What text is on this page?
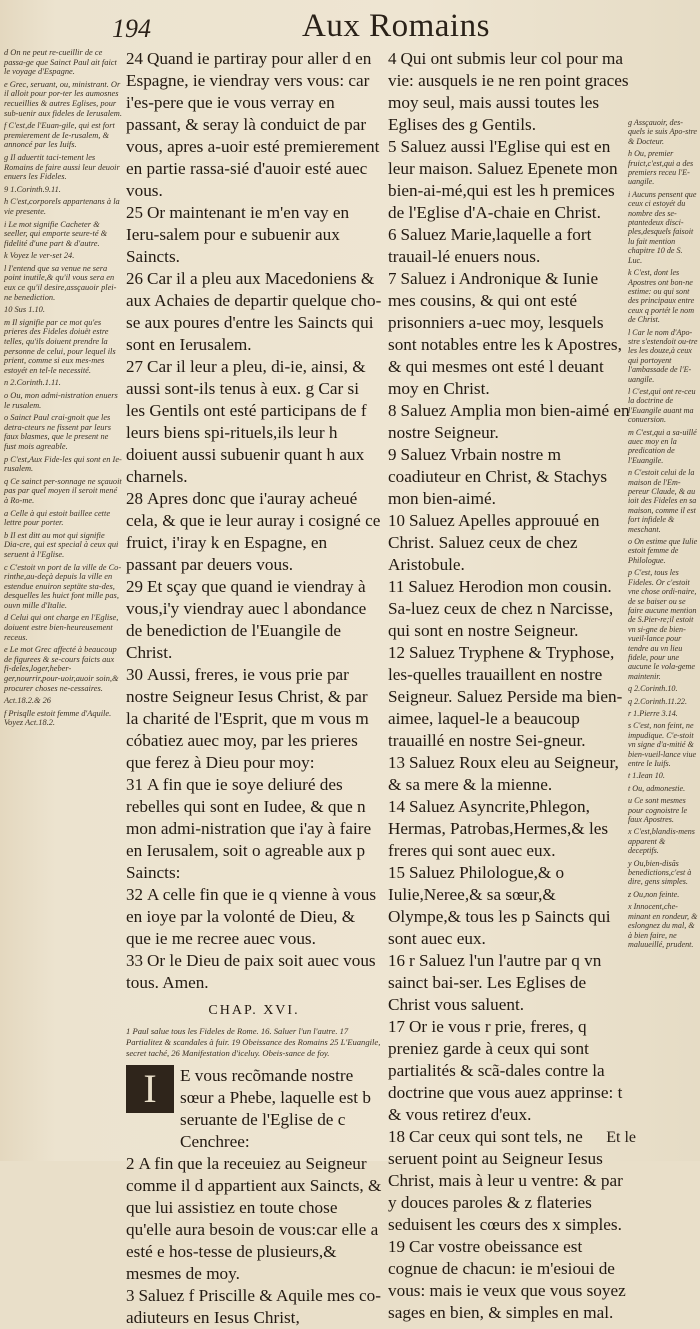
194	Aux Romains
d On ne peut re-cueillir de ce passa-ge que Sainct Paul ait faict le voyage d'Espagne.
e Grec, seruant, ou, ministrant. Or il alloit pour por-ter les aumosnes recueillies & autres Eglises, pour sub-uenir aux fideles de Ierusalem.
f C'est,de l'Euan-gile, qui est fort premierement de Ie-rusalem, & annoncé par les Iuifs.
g Il aduertit taci-tement les Romains de faire aussi leur deuoir enuers les Fideles.
9 1.Corinth.9.11.
h C'est,corporels appartenans à la vie presente.
i Le mot signifie Cacheter & seeller, qui emporte seure-té & fidelité d'une part & d'autre.
k Voyez le ver-set 24.
l I'entend que sa venue ne sera point inutile,& qu'il vous sera en eux ce qu'il desire,assçauoir plei-ne benediction.
10 Sus 1.10.
m Il signifie par ce mot qu'es prieres des Fideles doiuët estre telles, qu'ils doiuent prendre la personne de celui, pour lequel ils prient, comme si eux mes-mes estoyét en tel-le necessité.
n 2.Corinth.1.11.
o Ou, mon admi-nistration enuers le rusalem.
o Sainct Paul crai-gnoit que les detra-cteurs ne fissent par leurs faux blasmes, que le present ne fust mois agreable.
p C'est,Aux Fide-les qui sont en Ie-rusalem.
q Ce sainct per-sonnage ne sçauoit pas par quel moyen il seroit mené à Ro-me.
a Celle à qui estoit baillee cette lettre pour porter.
b Il est ditt au mot qui signifie Dia-cre, qui est special à ceux qui seruent à l'Eglise.
c C'estoit vn port de la ville de Co-rinthe,au-deçà depuis la ville en estendue enuiron septäte sta-des, desquelles les huict font mille pas, ouvn mille d'Italie.
d Celui qui ont charge en l'Eglise, doiuent estre bien-heureusement receus.
e Le mot Grec affecté à beaucoup de figurees & se-cours faicts aux fi-deles,loger,heber-ger,nourrir,pour-uoir,auoir soin,& procurer choses ne-cessaires.
Act.18.2.& 26
f Prisqlle estoit femme d'Aquile. Voyez Act.18.2.
g Assçauoir, des-quels ie suis Apo-stre & Docteur.
h Ou, premier fruict,c'est,qui a des premiers receu l'E-uangile.
i Aucuns pensent que ceux ci estoyét du nombre des se-ptantedeux disci-ples,desquels faisoit lu fait mention chapitre 10 de S. Luc.
k C'est, dont les Apostres ont bon-ne estime: ou qui sont des principaux entre ceux q portét le nom de Christ.
l Car le nom d'Apo-stre s'estendoit ou-tre les les douze,à ceux qui portoyent l'ambassade de l'E-uangile.
l C'est,qui ont re-ceu la doctrine de l'Euangile auant ma conuersion.
m C'est,qui a sa-uillé auec moy en la predication de l'Euangile.
n C'estoit celui de la maison de l'Em-pereur Claude, & au ioit des Fideles en sa maison, comme il est fort infidele & meschant.
o On estime que Iulie estoit femme de Philologue.
p C'est, tous les Fideles. Or c'estoit vne chose ordi-naire, de se baiser ou se faire aucune mention de S.Pier-re;il estoit vn si-gne de bien-vueil-lance pour tendre au vn lieu fidele, pour une aucune le vola-geme maintenir.
q 2.Corinth.10.
q 2.Corinth.11.22.
r 1.Pierre 3.14.
s C'est, non feint, ne impudique. C'e-stoit vn signe d'a-mitié & bien-vueil-lance viue entre le Iuifs.
t 1.Iean 10.
t Ou, admonestie.
u Ce sont mesmes pour cognoistre le faux Apostres.
x C'est,blandis-mens apparent & deceptifs.
y Ou,bien-disãs benedictions,c'est à dire, gens simples.
z Ou,non feinte.
x Innocent,che-minant en rondeur, & eslongnez du mal, & à bien faire, ne maluueillé, prudent.
24 Quand ie partiray pour aller d en Espagne, ie viendray vers vous: car i'es-pere que ie vous verray en passant, & seray là conduict de par vous, apres a-uoir esté premierement en partie rassa-sié d'auoir esté auec vous.
25 Or maintenant ie m'en vay en Ieru-salem pour e subuenir aux Saincts.
26 Car il a pleu aux Macedoniens & aux Achaies de departir quelque cho-se aux poures d'entre les Saincts qui sont en Ierusalem.
27 Car il leur a pleu, di-ie, ainsi, & aussi sont-ils tenus à eux. g Car si les Gentils ont esté participans de f leurs biens spi-rituels,ils leur h doiuent aussi subuenir quant h aux charnels.
28 Apres donc que i'auray acheué cela, & que ie leur auray i cosigné ce fruict, i'iray k en Espagne, en passant par deuers vous.
29 Et sçay que quand ie viendray à vous,i'y viendray auec l abondance de benediction de l'Euangile de Christ.
30 Aussi, freres, ie vous prie par nostre Seigneur Iesus Christ, & par la charité de l'Esprit, que m vous m cóbatiez auec moy, par les prieres que ferez à Dieu pour moy:
31 A fin que ie soye deliuré des rebelles qui sont en Iudee, & que n mon admi-nistration que i'ay à faire en Ierusalem, soit o agreable aux p Saincts:
32 A celle fin que ie q vienne à vous en ioye par la volonté de Dieu, & que ie me recree auec vous.
33 Or le Dieu de paix soit auec vous tous. Amen.
CHAP. XVI.
1 Paul salue tous les Fideles de Rome. 16. Saluer l'un l'autre. 17 Partialitez & scandales à fuir. 19 Obeissance des Romains 25 L'Euangile, secret taché, 26 Manifestation d'iceluy. Obeis-sance de foy.
I	E vous recõmande nostre sœur a Phebe, laquelle est b seruante de l'Eglise de c Cenchree:
2 A fin que la receuiez au Seigneur comme il d appartient aux Saincts, & que lui assistiez en toute chose qu'elle aura besoin de vous:car elle a esté e hos-tesse de plusieurs,& mesmes de moy.
3 Saluez f Priscille & Aquile mes co-adiuteurs en Iesus Christ,
4 Qui ont submis leur col pour ma vie: ausquels ie ne ren point graces moy seul, mais aussi toutes les Eglises des g Gentils.
5 Saluez aussi l'Eglise qui est en leur maison. Saluez Epenete mon bien-ai-mé,qui est les h premices de l'Eglise d'A-chaie en Christ.
6 Saluez Marie,laquelle a fort trauail-lé enuers nous.
7 Saluez i Andronique & Iunie mes cousins, & qui ont esté prisonniers a-uec moy, lesquels sont notables entre les k Apostres, & qui mesmes ont esté l deuant moy en Christ.
8 Saluez Amplia mon bien-aimé en nostre Seigneur.
9 Saluez Vrbain nostre m coadiuteur en Christ, & Stachys mon bien-aimé.
10 Saluez Apelles approuué en Christ. Saluez ceux de chez Aristobule.
11 Saluez Herodion mon cousin. Sa-luez ceux de chez n Narcisse, qui sont en nostre Seigneur.
12 Saluez Tryphene & Tryphose, les-quelles trauaillent en nostre Seigneur. Saluez Perside ma bien-aimee, laquel-le a beaucoup trauaillé en nostre Sei-gneur.
13 Saluez Roux eleu au Seigneur, & sa mere & la mienne.
14 Saluez Asyncrite,Phlegon, Hermas, Patrobas,Hermes,& les freres qui sont auec eux.
15 Saluez Philologue,& o Iulie,Neree,& sa sœur,& Olympe,& tous les p Saincts qui sont auec eux.
16 r Saluez l'un l'autre par q vn sainct bai-ser. Les Eglises de Christ vous saluent.
17 Or ie vous r prie, freres, q preniez garde à ceux qui sont partialités & scã-dales contre la doctrine que vous auez apprinse: t & vous retirez d'eux.
18 Car ceux qui sont tels, ne seruent point au Seigneur Iesus Christ, mais à leur u ventre: & par y douces paroles & z flateries seduisent les cœurs des x simples.
19 Car vostre obeissance est cognue de chacun: ie m'esioui de vous: mais ie veux que vous soyez sages en bien, & simples en mal.
Et le
